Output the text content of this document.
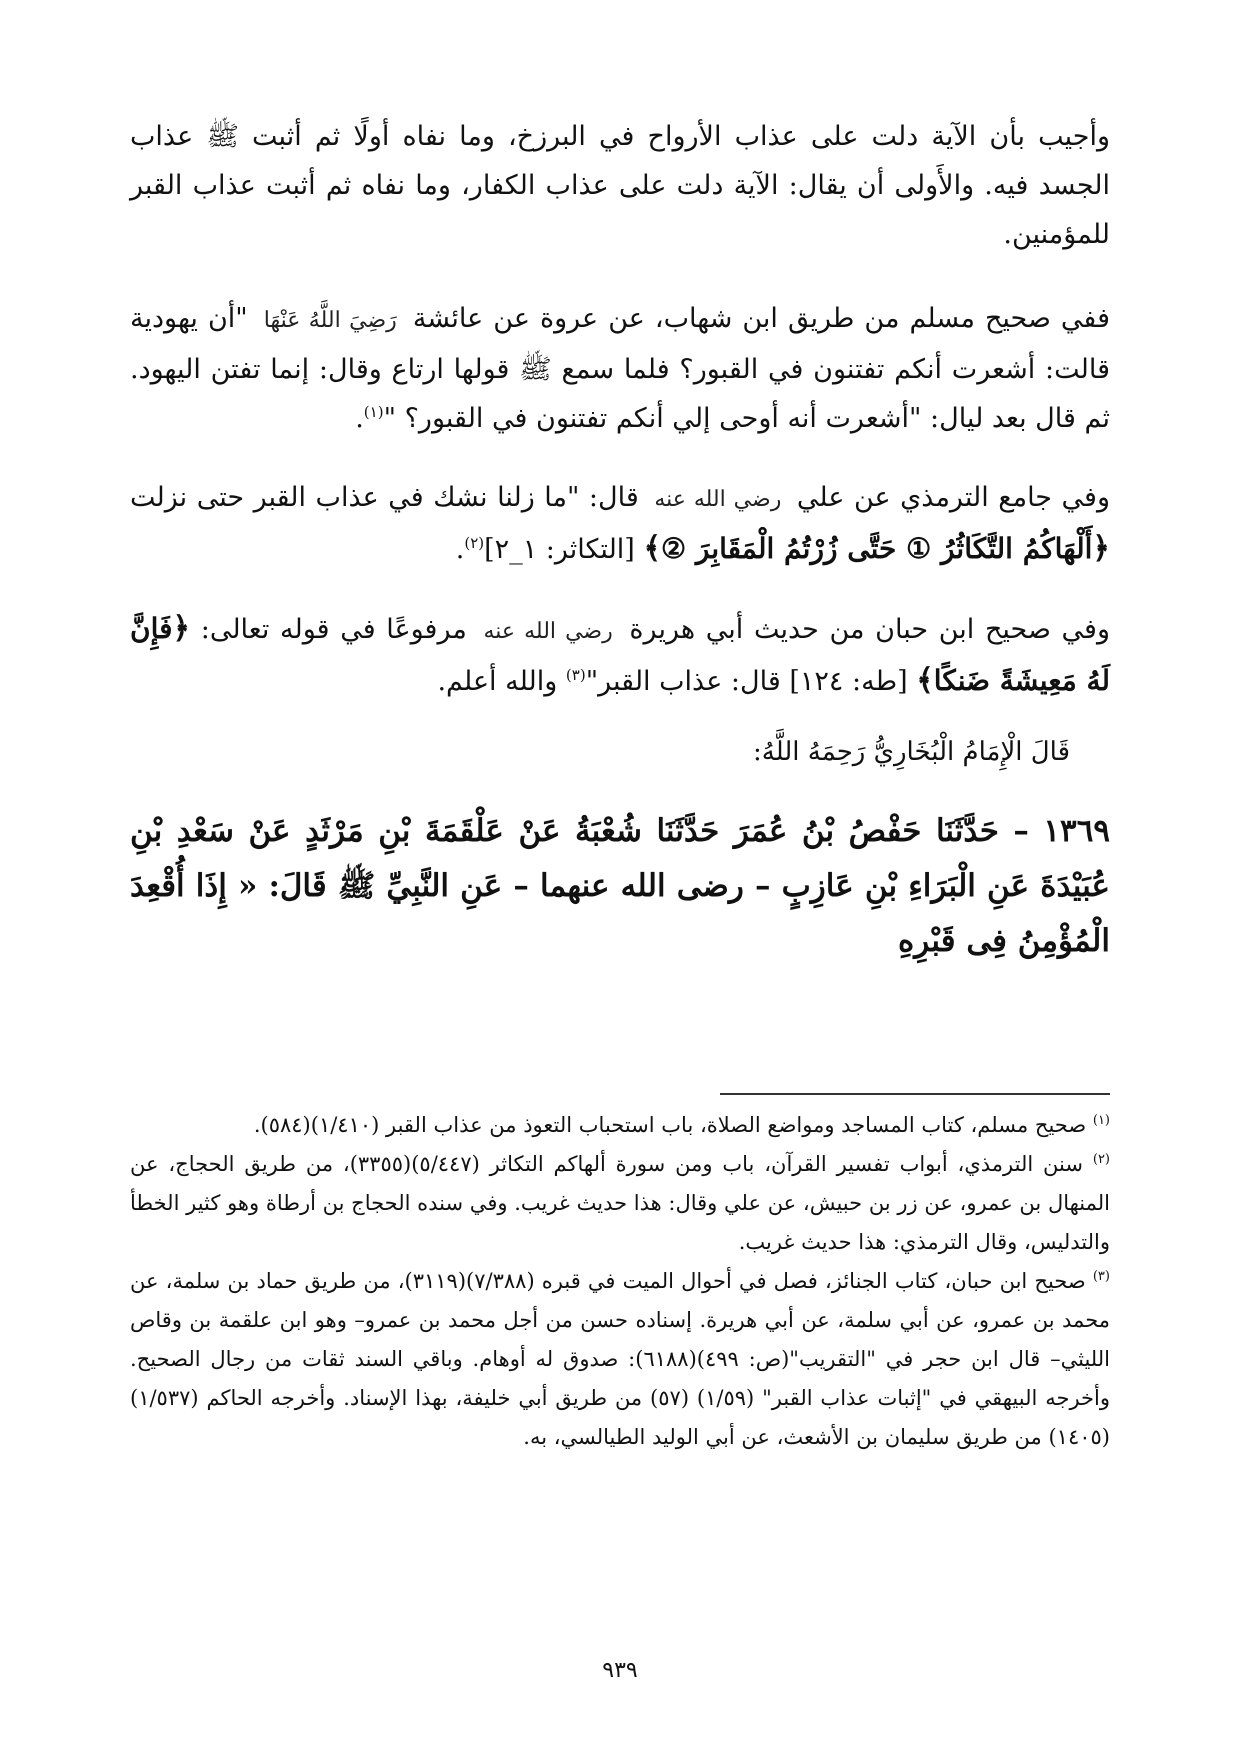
وأجيب بأن الآية دلت على عذاب الأرواح في البرزخ، وما نفاه أولًا ثم أثبت ﷺ عذاب الجسد فيه. والأَولى أن يقال: الآية دلت على عذاب الكفار، وما نفاه ثم أثبت عذاب القبر للمؤمنين.

ففي صحيح مسلم من طريق ابن شهاب، عن عروة عن عائشة رَضِيَ اللَّهُ عَنْهَا "أن يهودية قالت: أشعرت أنكم تفتنون في القبور؟ فلما سمع ﷺ قولها ارتاع وقال: إنما تفتن اليهود. ثم قال بعد ليال: "أشعرت أنه أوحى إلي أنكم تفتنون في القبور؟ "$^{(١)}$.

وفي جامع الترمذي عن علي رضي الله عنه قال: "ما زلنا نشك في عذاب القبر حتى نزلت ﴿أَلْهَاكُمُ التَّكَاثُرُ ① حَتَّى زُرْتُمُ الْمَقَابِرَ ②﴾ [التكاثر: ١_٢]$^{(٢)}$.

وفي صحيح ابن حبان من حديث أبي هريرة رضي الله عنه مرفوعًا في قوله تعالى: ﴿فَإِنَّ لَهُ مَعِيشَةً ضَنكًا﴾ [طه: ١٢٤] قال: عذاب القبر"$^{(٣)}$ والله أعلم.

قَالَ الْإِمَامُ الْبُخَارِيُّ رَحِمَهُ اللَّهُ:

١٣٦٩ – حَدَّثَنَا حَفْصُ بْنُ عُمَرَ حَدَّثَنَا شُعْبَةُ عَنْ عَلْقَمَةَ بْنِ مَرْثَدٍ عَنْ سَعْدِ بْنِ عُبَيْدَةَ عَنِ الْبَرَاءِ بْنِ عَازِبٍ – رضى الله عنهما – عَنِ النَّبِيِّ ﷺ قَالَ: « إِذَا أُقْعِدَ الْمُؤْمِنُ فِى قَبْرِهِ

$^{(١)}$ صحيح مسلم، كتاب المساجد ومواضع الصلاة، باب استحباب التعوذ من عذاب القبر (١/٤١٠)(٥٨٤).

$^{(٢)}$ سنن الترمذي، أبواب تفسير القرآن، باب ومن سورة ألهاكم التكاثر (٥/٤٤٧)(٣٣٥٥)، من طريق الحجاج، عن المنهال بن عمرو، عن زر بن حبيش، عن علي وقال: هذا حديث غريب. وفي سنده الحجاج بن أرطاة وهو كثير الخطأ والتدليس، وقال الترمذي: هذا حديث غريب.

$^{(٣)}$ صحيح ابن حبان، كتاب الجنائز، فصل في أحوال الميت في قبره (٧/٣٨٨)(٣١١٩)، من طريق حماد بن سلمة، عن محمد بن عمرو، عن أبي سلمة، عن أبي هريرة. إسناده حسن من أجل محمد بن عمرو– وهو ابن علقمة بن وقاص الليثي– قال ابن حجر في "التقريب"(ص: ٤٩٩)(٦١٨٨): صدوق له أوهام. وباقي السند ثقات من رجال الصحيح. وأخرجه البيهقي في "إثبات عذاب القبر" (١/٥٩) (٥٧) من طريق أبي خليفة، بهذا الإسناد. وأخرجه الحاكم (١/٥٣٧) (١٤٠٥) من طريق سليمان بن الأشعث، عن أبي الوليد الطيالسي، به.

٩٣٩
